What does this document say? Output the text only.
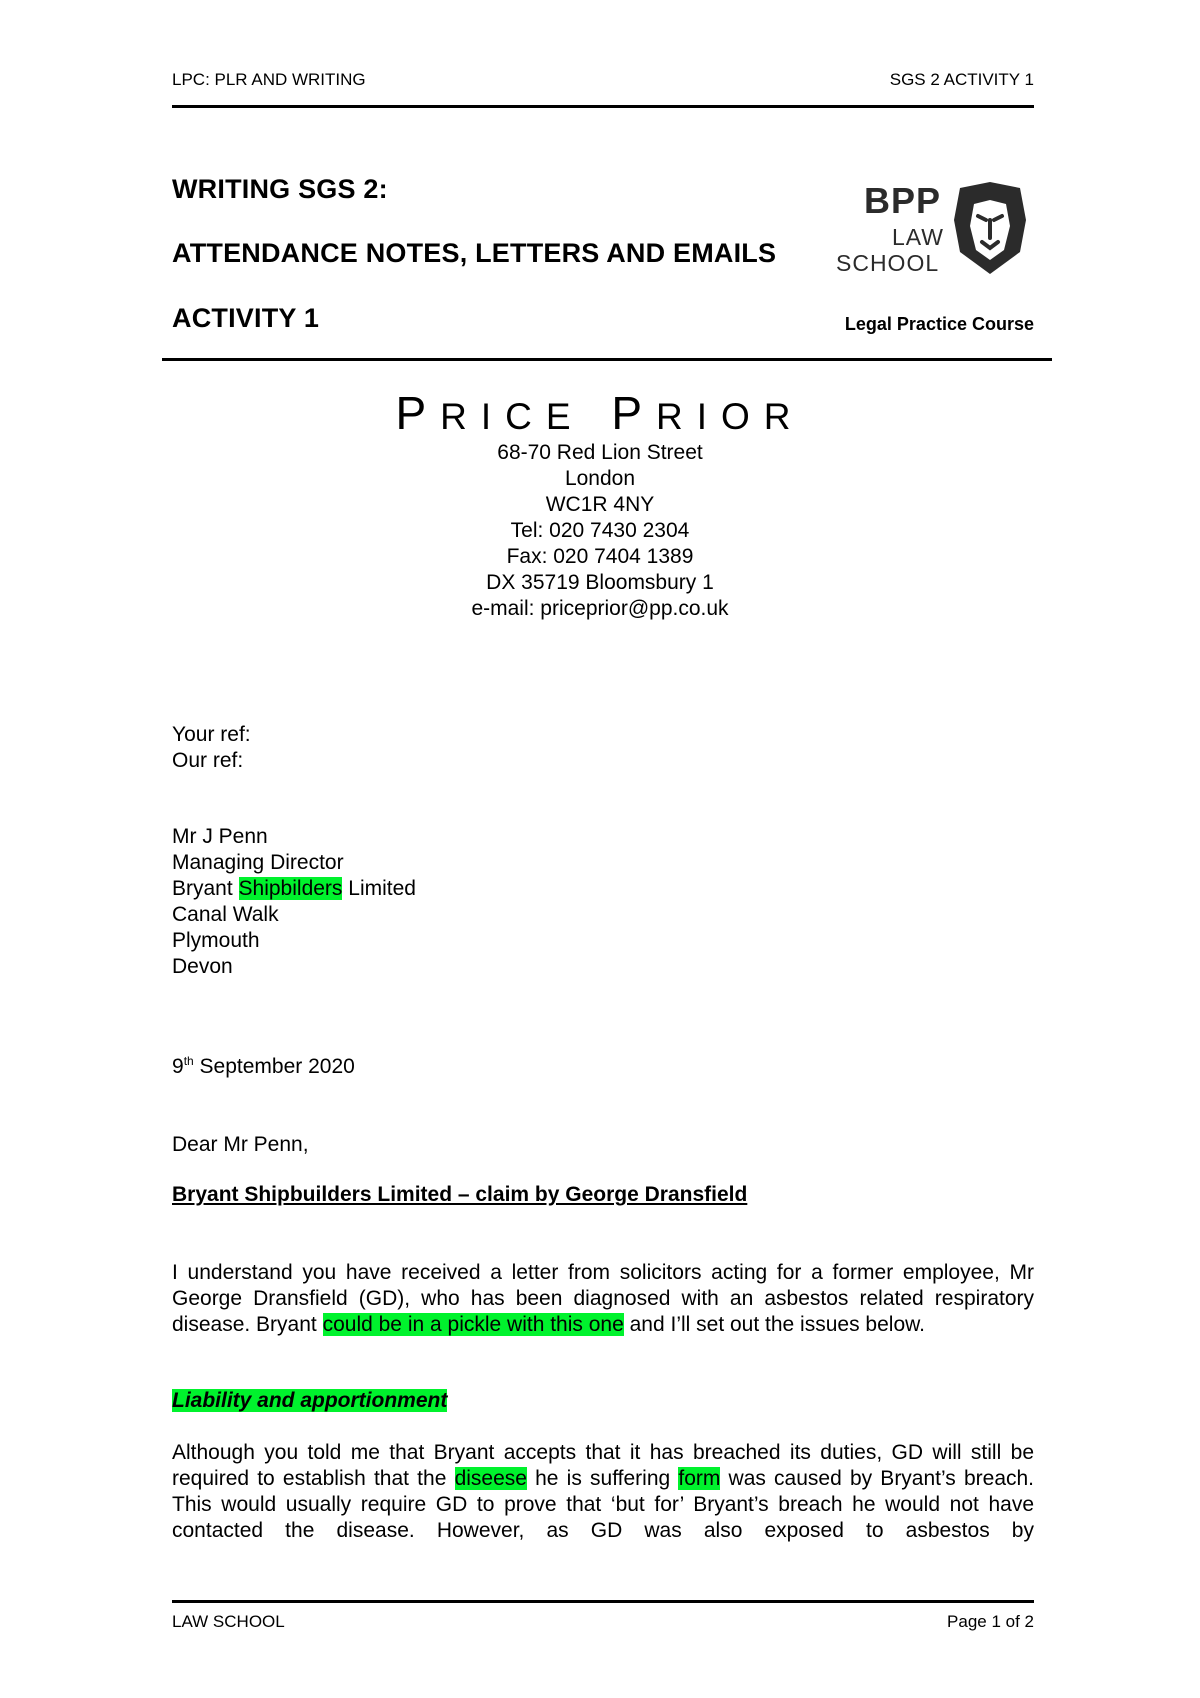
LPC: PLR AND WRITING	SGS 2 ACTIVITY 1
WRITING SGS 2:
ATTENDANCE NOTES, LETTERS AND EMAILS
ACTIVITY 1
BPP
LAW
SCHOOL
Legal Practice Course
PRICE PRIOR
68-70 Red Lion Street
London
WC1R 4NY
Tel: 020 7430 2304
Fax: 020 7404 1389
DX 35719 Bloomsbury 1
e-mail: priceprior@pp.co.uk
Your ref:
Our ref:
Mr J Penn
Managing Director
Bryant Shipbilders Limited
Canal Walk
Plymouth
Devon
9th September 2020
Dear Mr Penn,
Bryant Shipbuilders Limited – claim by George Dransfield
I understand you have received a letter from solicitors acting for a former employee, Mr George Dransfield (GD), who has been diagnosed with an asbestos related respiratory disease. Bryant could be in a pickle with this one and I’ll set out the issues below.
Liability and apportionment
Although you told me that Bryant accepts that it has breached its duties, GD will still be required to establish that the diseese he is suffering form was caused by Bryant’s breach. This would usually require GD to prove that ‘but for’ Bryant’s breach he would not have contacted the disease. However, as GD was also exposed to asbestos by
LAW SCHOOL	Page 1 of 2
